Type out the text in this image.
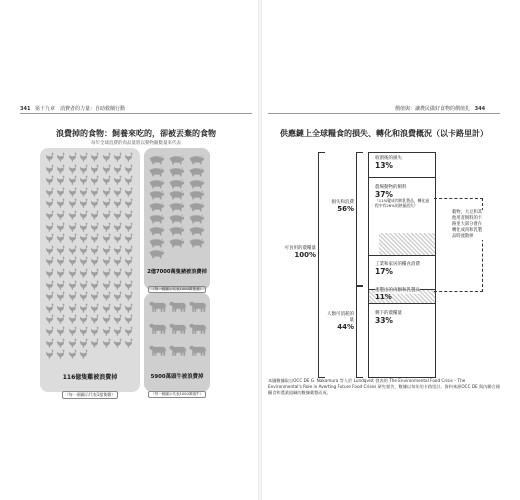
341 第十九章　消費者的力量：自助救贖行動
浪費掉的食物：飼養來吃的，卻被丟棄的食物
每年全球浪費的肉品量將以動物隨數量來代表
116億隻雞被浪費掉
（每一個圖示代表1億隻雞）
2億7000萬隻豬被浪費掉
（每一個圖示代表1000萬隻豬）
5900萬頭牛被浪費掉
（每一個圖示代表1000萬頭牛）
價值與：讓農民做好食物的價值扎 344
供應鏈上全球糧食的損失、轉化和浪費概況（以卡路里計）
可食用的農糧量
100%
損失和浪費
56%
人類可消耗的量
44%
收割後的損失
13%
農場動物的飼料
37%
（11%變成肉和乳製品，轉化過程中有26%的熱量流失）
工業和家居的糧食消費
17%
產製出的肉類和乳製品
11%
剩下的農糧量
33%
穀物、大豆和其他用者飼料的卡路里大部分會在轉化成肉和乳製品時流散掉
本圖數據取自OCC DE G. Nakamura 等人於 Lundqvist 發表的 The Environmental Food Crisis – The Environmental's Role in Averting Future Food Crises 研究報告，數據以每年的卡路里計，資料來源OCC DE 與內聯合國糧食和農業組織的數據彙整而成。
